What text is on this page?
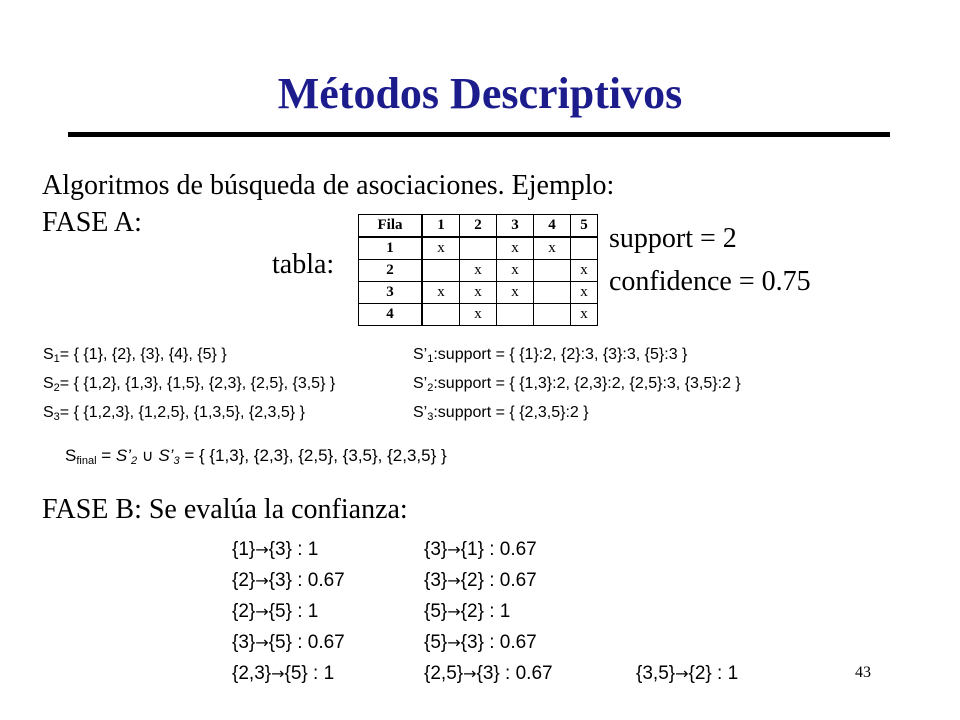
Métodos Descriptivos
Algoritmos de búsqueda de asociaciones. Ejemplo:
FASE A:
tabla:
support = 2
confidence = 0.75
Fila	1	2	3	4	5
1	x		x	x	
2		x	x		x
3	x	x	x		x
4		x			x
$S_1=$ { {1}, {2}, {3}, {4}, {5} }
$S_2=$ { {1,2}, {1,3}, {1,5}, {2,3}, {2,5}, {3,5} }
$S_3=$ { {1,2,3}, {1,2,5}, {1,3,5}, {2,3,5} }
$S’_1:support$ = { {1}:2, {2}:3, {3}:3, {5}:3 }
$S’_2:support$ = { {1,3}:2, {2,3}:2, {2,5}:3, {3,5}:2 }
$S’_3:support$ = { {2,3,5}:2 }
$S_{final}$ = $S’_2$ ∪ $S’_3$ = { {1,3}, {2,3}, {2,5}, {3,5}, {2,3,5} }
FASE B: Se evalúa la confianza:
{1}→{3} : 1	{3}→{1} : 0.67
{2}→{3} : 0.67	{3}→{2} : 0.67
{2}→{5} : 1	{5}→{2} : 1
{3}→{5} : 0.67	{5}→{3} : 0.67
{2,3}→{5} : 1	{2,5}→{3} : 0.67	{3,5}→{2} : 1	43
